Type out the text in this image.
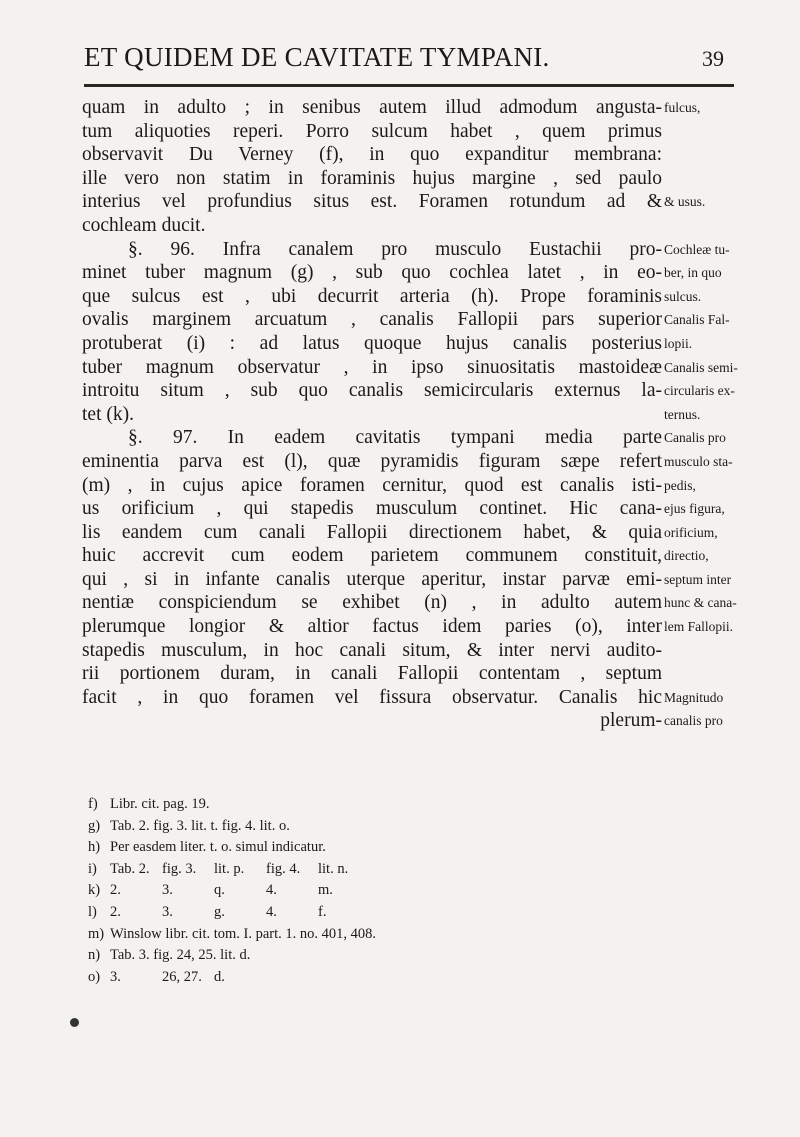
ET QUIDEM DE CAVITATE TYMPANI.	39
quam in adulto ; in senibus autem illud admodum angusta-
tum aliquoties reperi. Porro sulcum habet , quem primus
observavit Du Verney (f), in quo expanditur membrana:
ille vero non statim in foraminis hujus margine , sed paulo
interius vel profundius situs est. Foramen rotundum ad &
cochleam ducit.
§. 96. Infra canalem pro musculo Eustachii pro-
minet tuber magnum (g) , sub quo cochlea latet , in eo-
que sulcus est , ubi decurrit arteria (h). Prope foraminis
ovalis marginem arcuatum , canalis Fallopii pars superior
protuberat (i) : ad latus quoque hujus canalis posterius
tuber magnum observatur , in ipso sinuositatis mastoideæ
introitu situm , sub quo canalis semicircularis externus la-
tet (k).
§. 97. In eadem cavitatis tympani media parte
eminentia parva est (l), quæ pyramidis figuram sæpe refert
(m) , in cujus apice foramen cernitur, quod est canalis isti-
us orificium , qui stapedis musculum continet. Hic cana-
lis eandem cum canali Fallopii directionem habet, & quia
huic accrevit cum eodem parietem communem constituit,
qui , si in infante canalis uterque aperitur, instar parvæ emi-
nentiæ conspiciendum se exhibet (n) , in adulto autem
plerumque longior & altior factus idem paries (o), inter
stapedis musculum, in hoc canali situm, & inter nervi audito-
rii portionem duram, in canali Fallopii contentam , septum
facit , in quo foramen vel fissura observatur. Canalis hic
plerum-
fulcus,
& usus.
Cochleæ tu-
ber, in quo
sulcus.
Canalis Fal-
lopii.
Canalis semi-
circularis ex-
ternus.
Canalis pro
musculo sta-
pedis,
ejus figura,
orificium,
directio,
septum inter
hunc & cana-
lem Fallopii.
Magnitudo
canalis pro
f) Libr. cit. pag. 19.
g) Tab. 2. fig. 3. lit. t. fig. 4. lit. o.
h) Per easdem liter. t. o. simul indicatur.
i) Tab. 2. fig. 3.	lit. p.	fig. 4.	lit. n.
k) 2.	3.	q.	4.	m.
l) 2.	3.	g.	4.	f.
m) Winslow libr. cit. tom. I. part. 1. no. 401, 408.
n) Tab. 3. fig. 24, 25. lit. d.
o) 3.	26, 27. d.
